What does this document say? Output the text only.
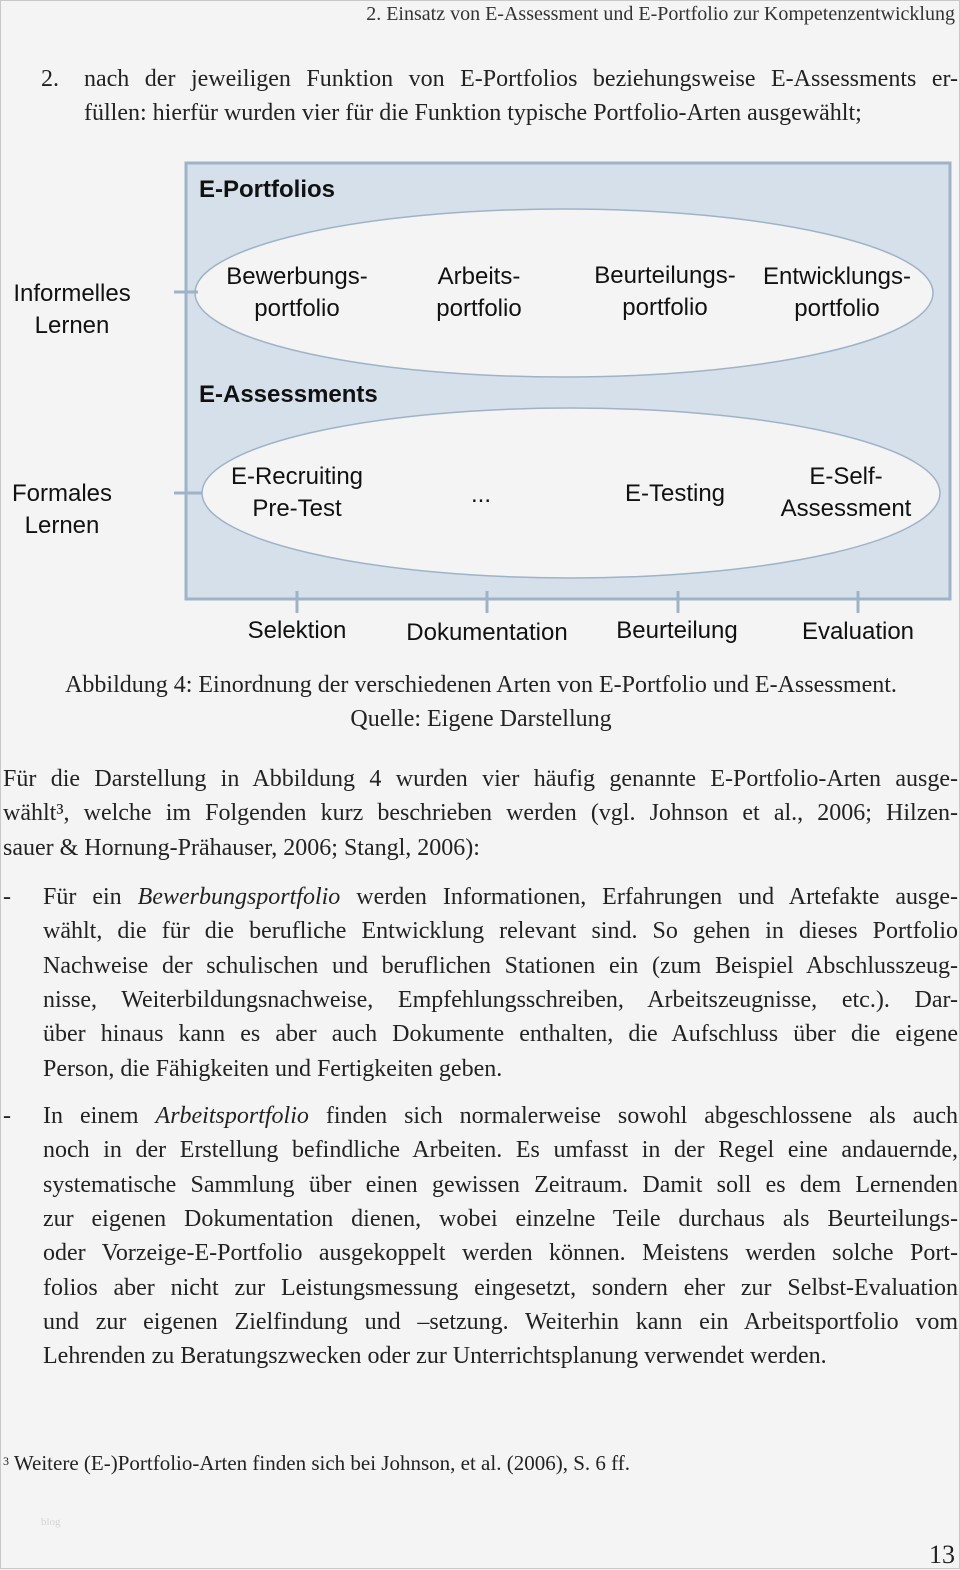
2. Einsatz von E-Assessment und E-Portfolio zur Kompetenzentwicklung
2. nach der jeweiligen Funktion von E-Portfolios beziehungsweise E-Assessments er-
füllen: hierfür wurden vier für die Funktion typische Portfolio-Arten ausgewählt;
E-Portfolios
E-Assessments
Informelles
Lernen
Formales
Lernen
Bewerbungs-
portfolio
Arbeits-
portfolio
Beurteilungs-
portfolio
Entwicklungs-
portfolio
E-Recruiting
Pre-Test
...	E-Testing
E-Self-
Assessment
Selektion	Dokumentation	Beurteilung	Evaluation
Abbildung 4: Einordnung der verschiedenen Arten von E-Portfolio und E-Assessment.
Quelle: Eigene Darstellung
Für die Darstellung in Abbildung 4 wurden vier häufig genannte E-Portfolio-Arten ausge-
wählt³, welche im Folgenden kurz beschrieben werden (vgl. Johnson et al., 2006; Hilzen-
sauer & Hornung-Prähauser, 2006; Stangl, 2006):
- Für ein Bewerbungsportfolio werden Informationen, Erfahrungen und Artefakte ausge-
wählt, die für die berufliche Entwicklung relevant sind. So gehen in dieses Portfolio
Nachweise der schulischen und beruflichen Stationen ein (zum Beispiel Abschlusszeug-
nisse, Weiterbildungsnachweise, Empfehlungsschreiben, Arbeitszeugnisse, etc.). Dar-
über hinaus kann es aber auch Dokumente enthalten, die Aufschluss über die eigene
Person, die Fähigkeiten und Fertigkeiten geben.
- In einem Arbeitsportfolio finden sich normalerweise sowohl abgeschlossene als auch
noch in der Erstellung befindliche Arbeiten. Es umfasst in der Regel eine andauernde,
systematische Sammlung über einen gewissen Zeitraum. Damit soll es dem Lernenden
zur eigenen Dokumentation dienen, wobei einzelne Teile durchaus als Beurteilungs-
oder Vorzeige-E-Portfolio ausgekoppelt werden können. Meistens werden solche Port-
folios aber nicht zur Leistungsmessung eingesetzt, sondern eher zur Selbst-Evaluation
und zur eigenen Zielfindung und –setzung. Weiterhin kann ein Arbeitsportfolio vom
Lehrenden zu Beratungszwecken oder zur Unterrichtsplanung verwendet werden.
$^3$ Weitere (E-)Portfolio-Arten finden sich bei Johnson, et al. (2006), S. 6 ff.
blog
13
